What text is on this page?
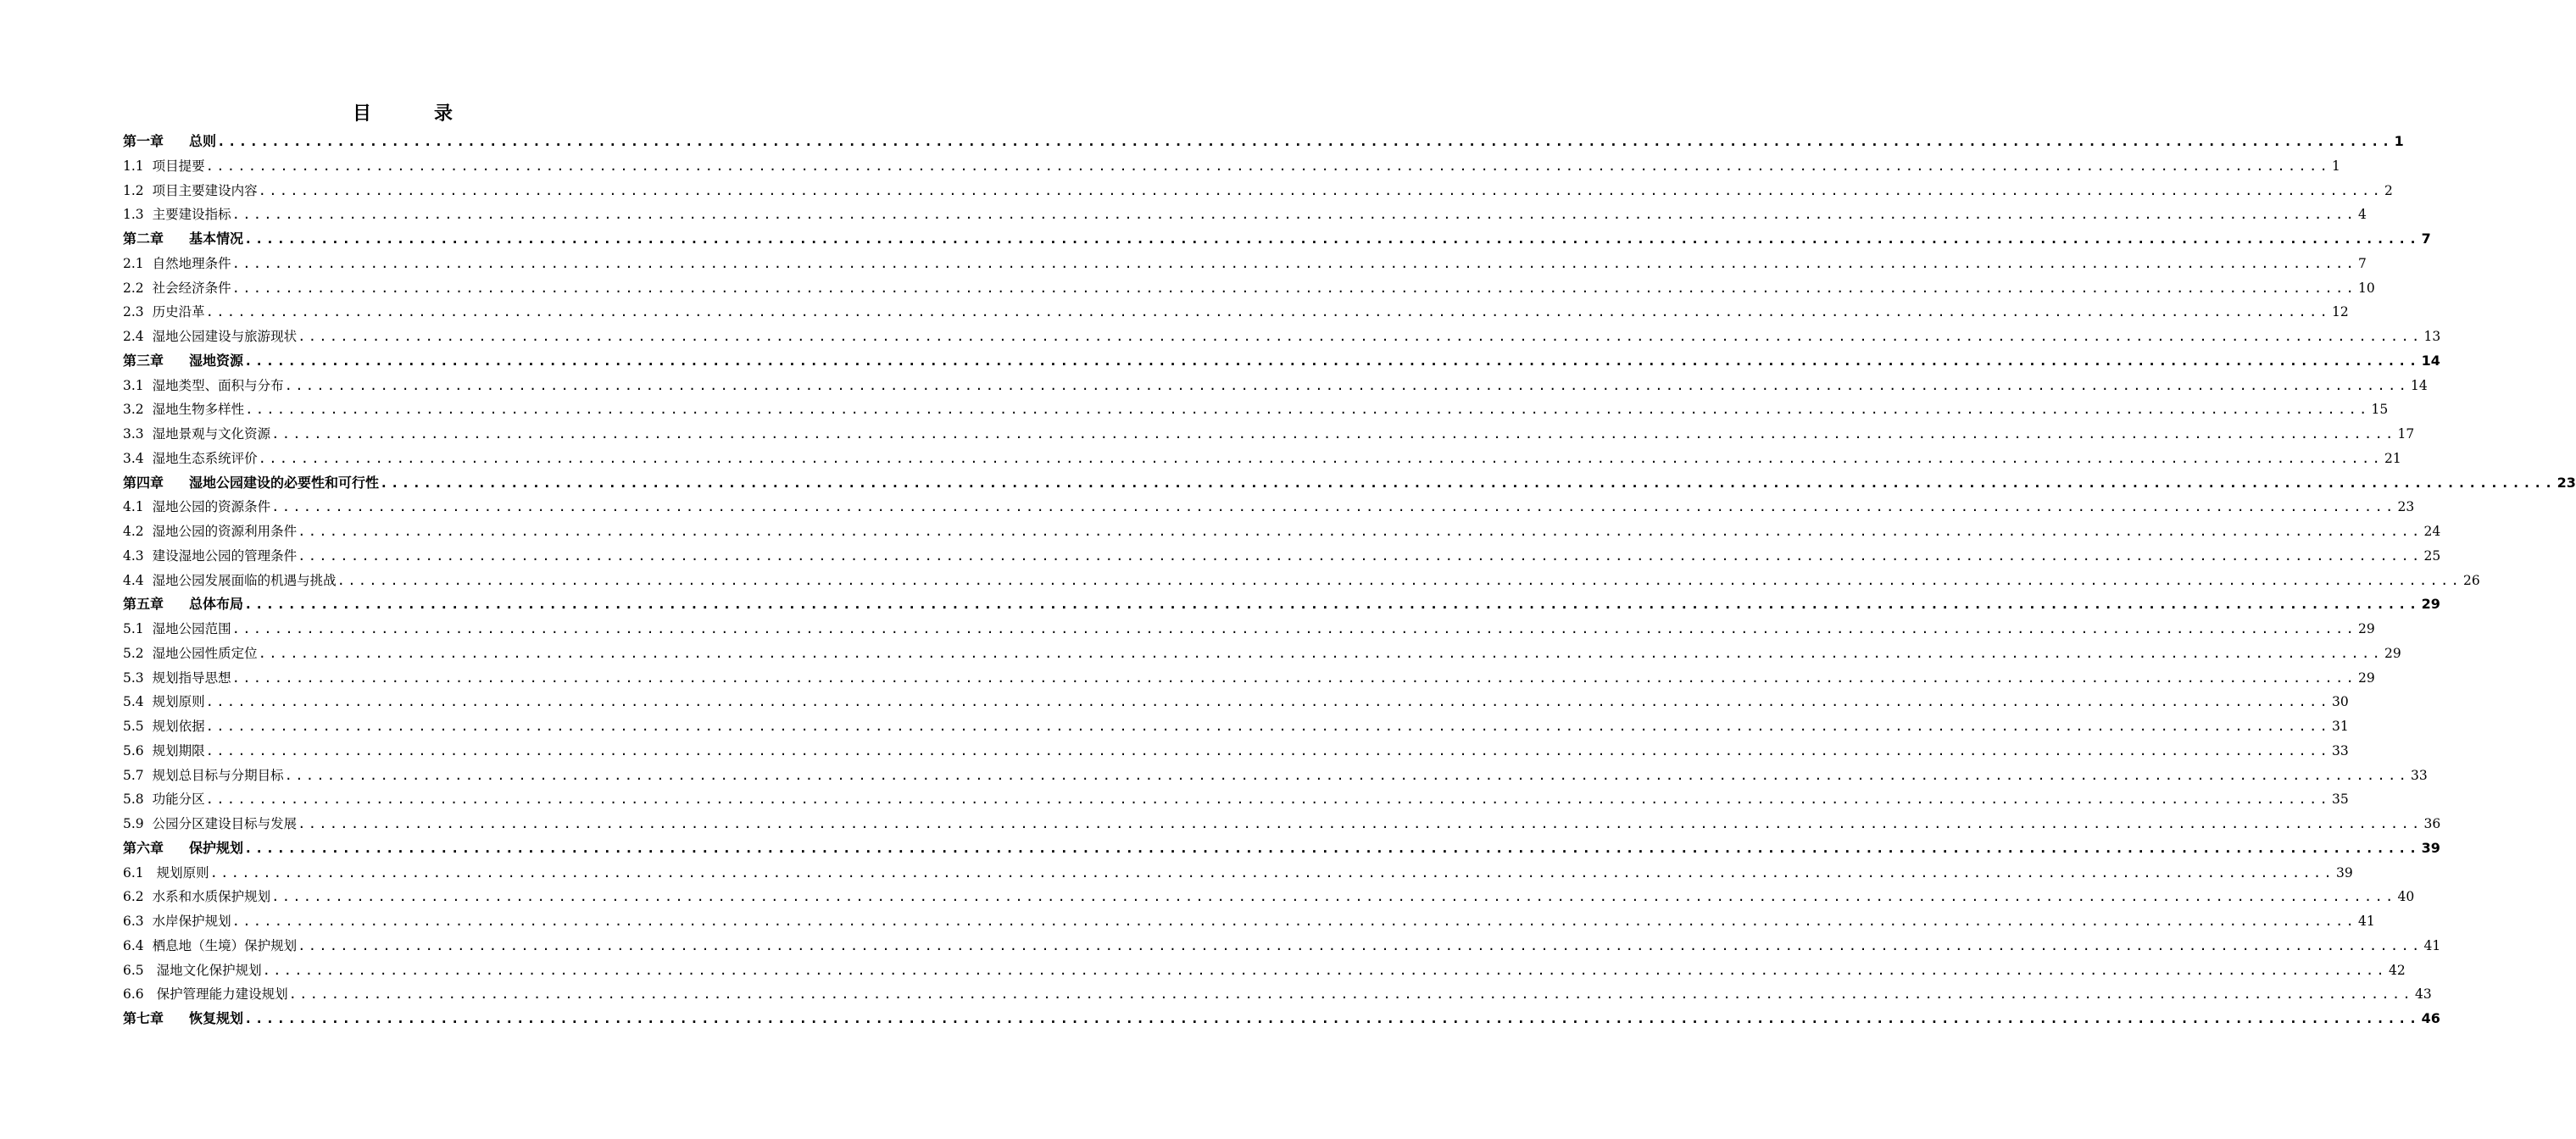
目　录
第一章 总则 ........................................................................................................................................................................................................ 1
1.1 项目提要 ........................................................................................................................................................................................................ 1
1.2 项目主要建设内容 ........................................................................................................................................................................................................ 2
1.3 主要建设指标 ........................................................................................................................................................................................................ 4
第二章 基本情况 ........................................................................................................................................................................................................ 7
2.1 自然地理条件 ........................................................................................................................................................................................................ 7
2.2 社会经济条件 ........................................................................................................................................................................................................ 10
2.3 历史沿革 ........................................................................................................................................................................................................ 12
2.4 湿地公园建设与旅游现状 ........................................................................................................................................................................................................ 13
第三章 湿地资源 ........................................................................................................................................................................................................ 14
3.1 湿地类型、面积与分布 ........................................................................................................................................................................................................ 14
3.2 湿地生物多样性 ........................................................................................................................................................................................................ 15
3.3 湿地景观与文化资源 ........................................................................................................................................................................................................ 17
3.4 湿地生态系统评价 ........................................................................................................................................................................................................ 21
第四章 湿地公园建设的必要性和可行性 ........................................................................................................................................................................................................ 23
4.1 湿地公园的资源条件 ........................................................................................................................................................................................................ 23
4.2 湿地公园的资源利用条件 ........................................................................................................................................................................................................ 24
4.3 建设湿地公园的管理条件 ........................................................................................................................................................................................................ 25
4.4 湿地公园发展面临的机遇与挑战 ........................................................................................................................................................................................................ 26
第五章 总体布局 ........................................................................................................................................................................................................ 29
5.1 湿地公园范围 ........................................................................................................................................................................................................ 29
5.2 湿地公园性质定位 ........................................................................................................................................................................................................ 29
5.3 规划指导思想 ........................................................................................................................................................................................................ 29
5.4 规划原则 ........................................................................................................................................................................................................ 30
5.5 规划依据 ........................................................................................................................................................................................................ 31
5.6 规划期限 ........................................................................................................................................................................................................ 33
5.7 规划总目标与分期目标 ........................................................................................................................................................................................................ 33
5.8 功能分区 ........................................................................................................................................................................................................ 35
5.9 公园分区建设目标与发展 ........................................................................................................................................................................................................ 36
第六章 保护规划 ........................................................................................................................................................................................................ 39
6.1 规划原则 ........................................................................................................................................................................................................ 39
6.2 水系和水质保护规划 ........................................................................................................................................................................................................ 40
6.3 水岸保护规划 ........................................................................................................................................................................................................ 41
6.4 栖息地（生境）保护规划 ........................................................................................................................................................................................................ 41
6.5 湿地文化保护规划 ........................................................................................................................................................................................................ 42
6.6 保护管理能力建设规划 ........................................................................................................................................................................................................ 43
第七章 恢复规划 ........................................................................................................................................................................................................ 46
